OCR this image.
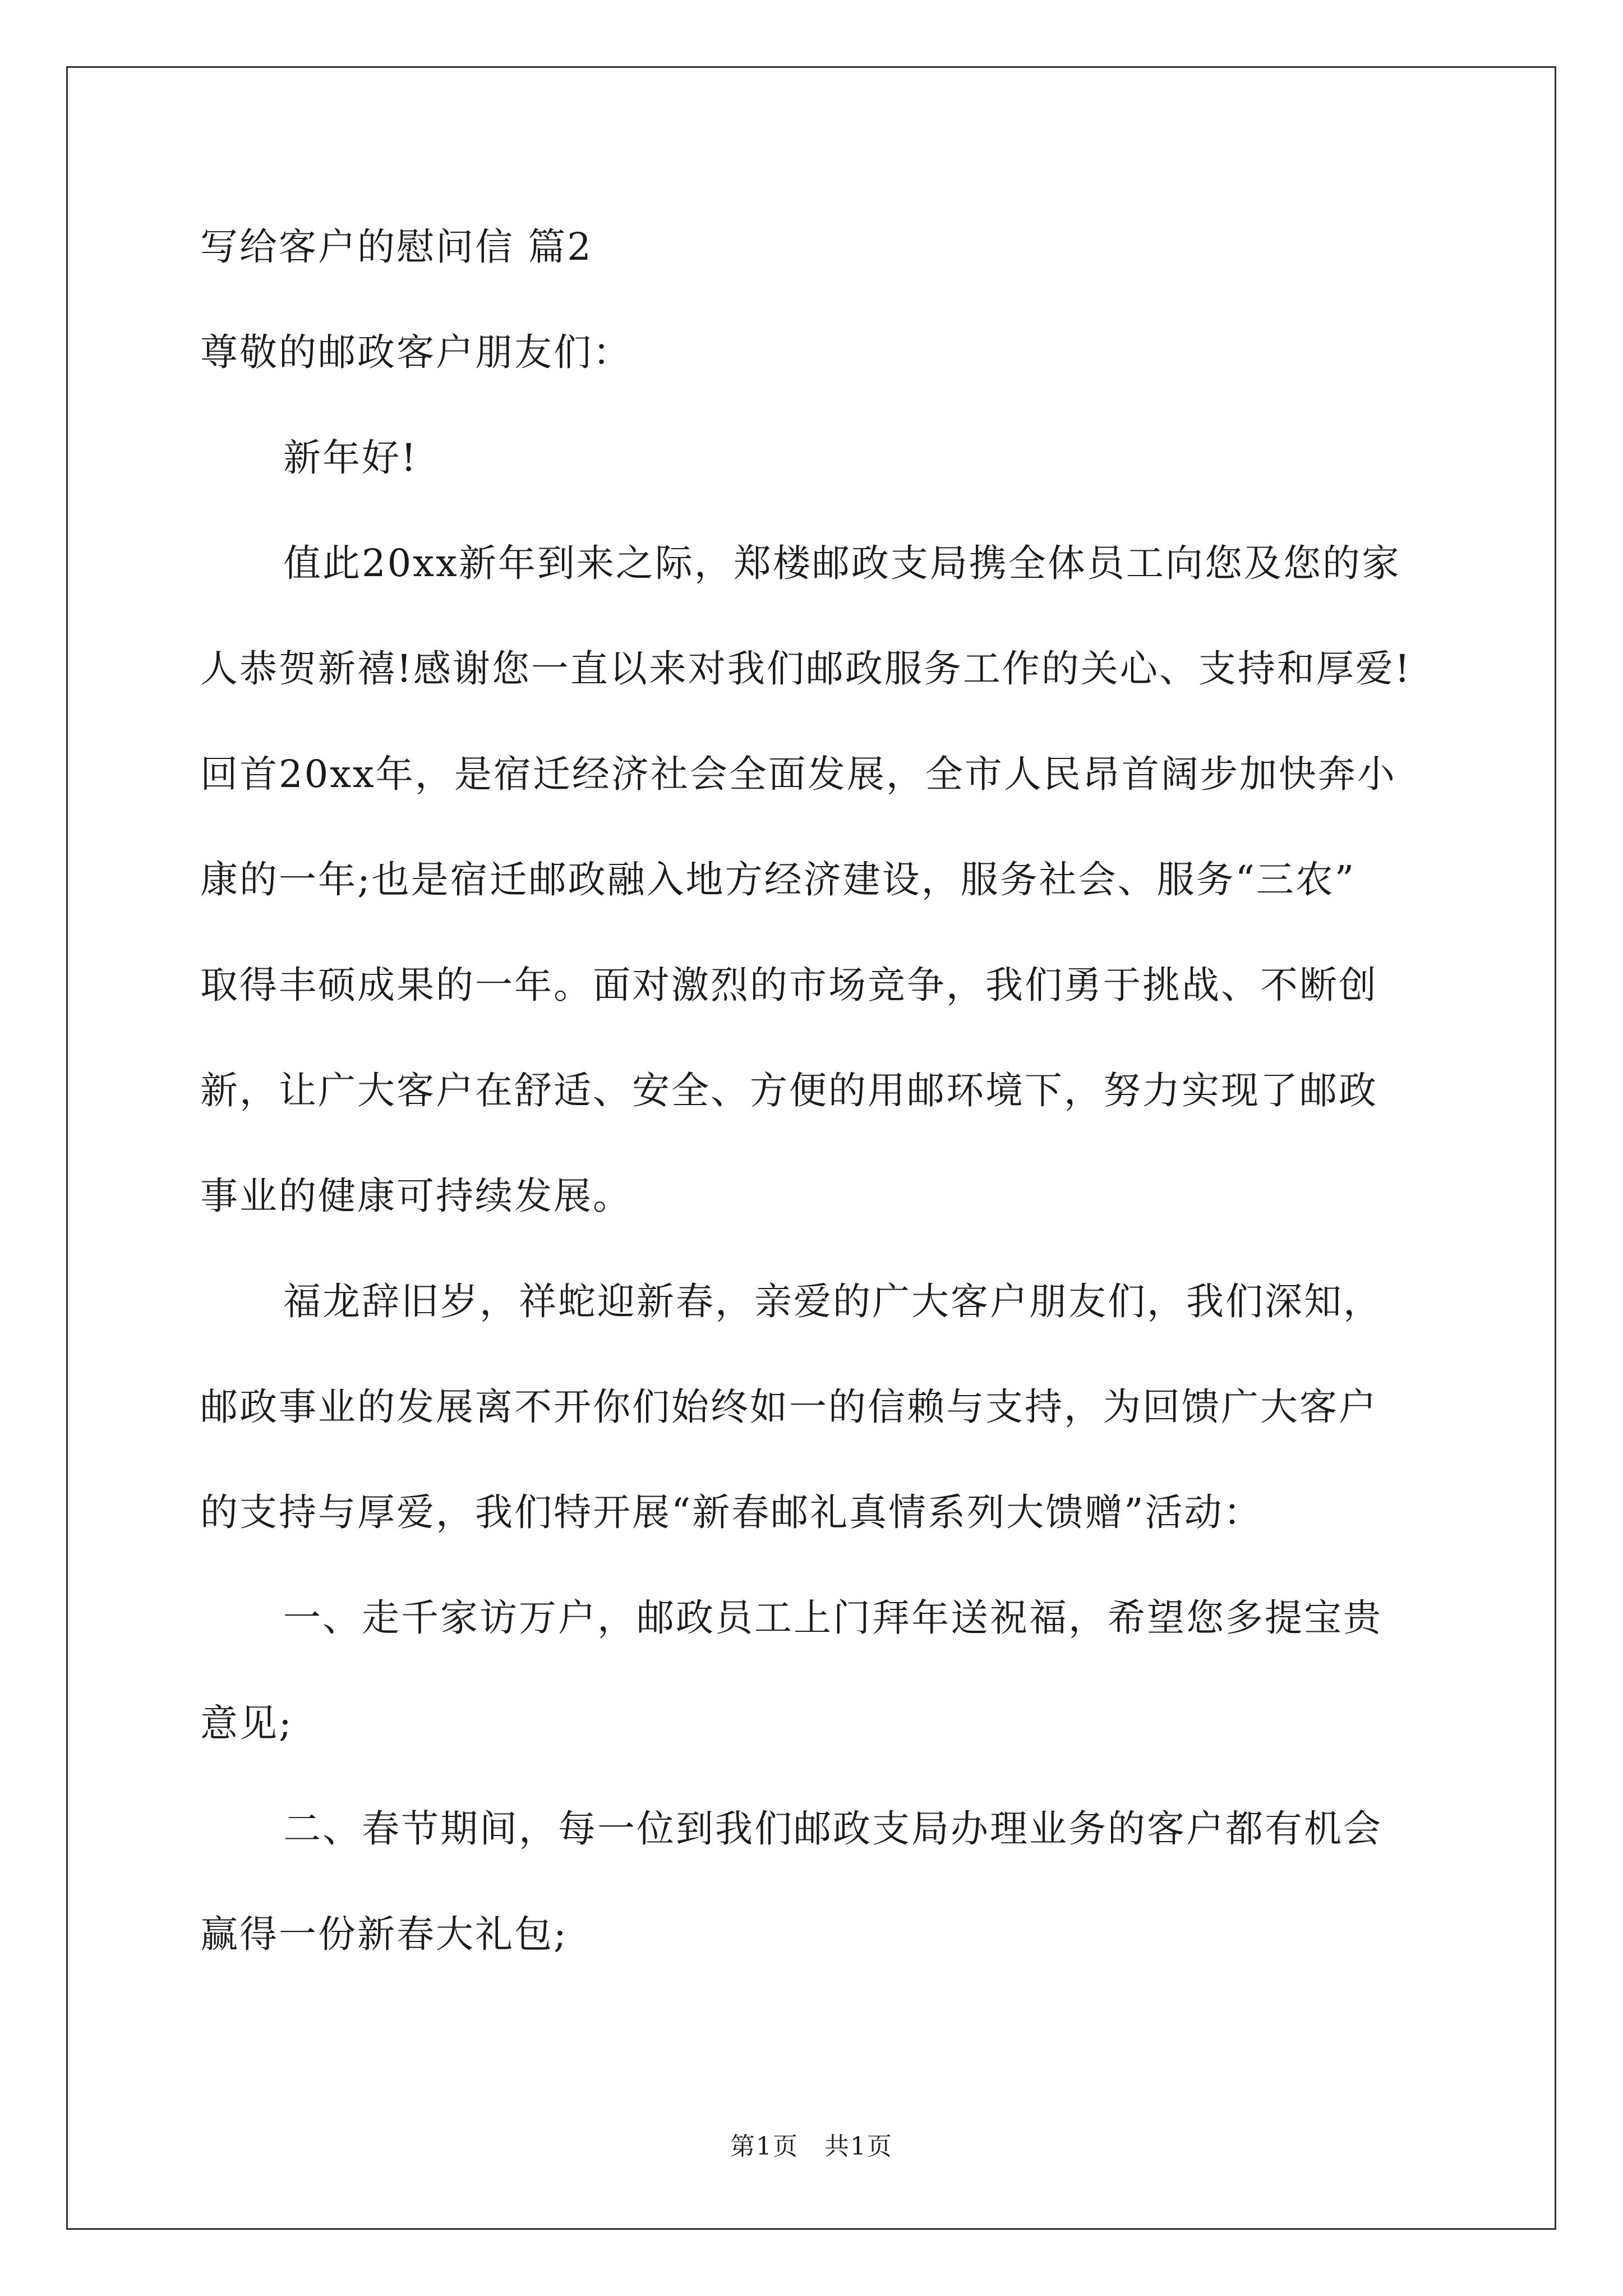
写给客户的慰问信 篇2
尊敬的邮政客户朋友们：
新年好!
值此20xx新年到来之际，郑楼邮政支局携全体员工向您及您的家
人恭贺新禧!感谢您一直以来对我们邮政服务工作的关心、支持和厚爱!
回首20xx年，是宿迁经济社会全面发展，全市人民昂首阔步加快奔小
康的一年;也是宿迁邮政融入地方经济建设，服务社会、服务“三农”
取得丰硕成果的一年。面对激烈的市场竞争，我们勇于挑战、不断创
新，让广大客户在舒适、安全、方便的用邮环境下，努力实现了邮政
事业的健康可持续发展。
福龙辞旧岁，祥蛇迎新春，亲爱的广大客户朋友们，我们深知，
邮政事业的发展离不开你们始终如一的信赖与支持，为回馈广大客户
的支持与厚爱，我们特开展“新春邮礼真情系列大馈赠”活动：
一、走千家访万户，邮政员工上门拜年送祝福，希望您多提宝贵
意见;
二、春节期间，每一位到我们邮政支局办理业务的客户都有机会
赢得一份新春大礼包;
第1页 共1页
